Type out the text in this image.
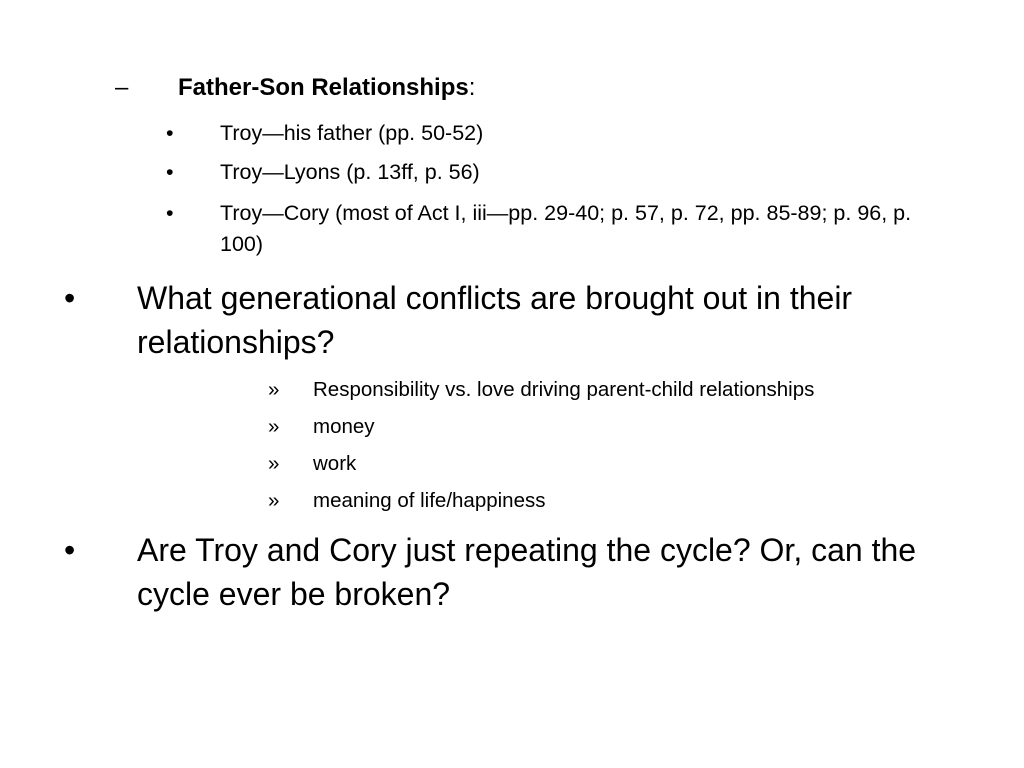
–	Father-Son Relationships:
•	Troy—his father (pp. 50-52)
•	Troy—Lyons (p. 13ff, p. 56)
•	Troy—Cory (most of Act I, iii—pp. 29-40; p. 57, p. 72, pp. 85-89; p. 96, p. 100)
•	What generational conflicts are brought out in their relationships?
»	Responsibility vs. love driving parent-child relationships
»	money
»	work
»	meaning of life/happiness
•	Are Troy and Cory just repeating the cycle? Or, can the cycle ever be broken?
